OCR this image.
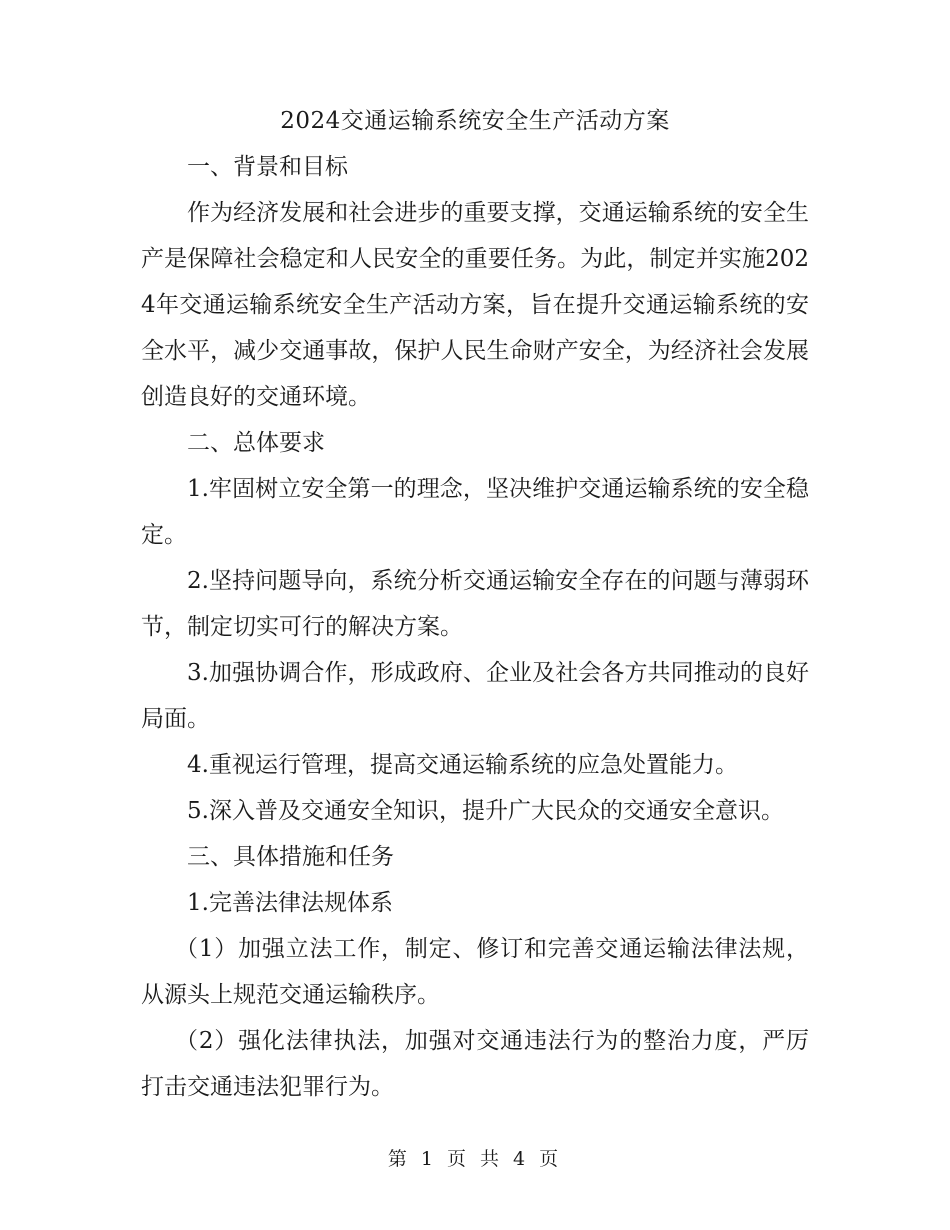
2024交通运输系统安全生产活动方案

一、背景和目标

作为经济发展和社会进步的重要支撑，交通运输系统的安全生产是保障社会稳定和人民安全的重要任务。为此，制定并实施2024年交通运输系统安全生产活动方案，旨在提升交通运输系统的安全水平，减少交通事故，保护人民生命财产安全，为经济社会发展创造良好的交通环境。

二、总体要求

1.牢固树立安全第一的理念，坚决维护交通运输系统的安全稳定。

2.坚持问题导向，系统分析交通运输安全存在的问题与薄弱环节，制定切实可行的解决方案。

3.加强协调合作，形成政府、企业及社会各方共同推动的良好局面。

4.重视运行管理，提高交通运输系统的应急处置能力。

5.深入普及交通安全知识，提升广大民众的交通安全意识。

三、具体措施和任务

1.完善法律法规体系

（1）加强立法工作，制定、修订和完善交通运输法律法规，从源头上规范交通运输秩序。

（2）强化法律执法，加强对交通违法行为的整治力度，严厉打击交通违法犯罪行为。

第 1 页 共 4 页
